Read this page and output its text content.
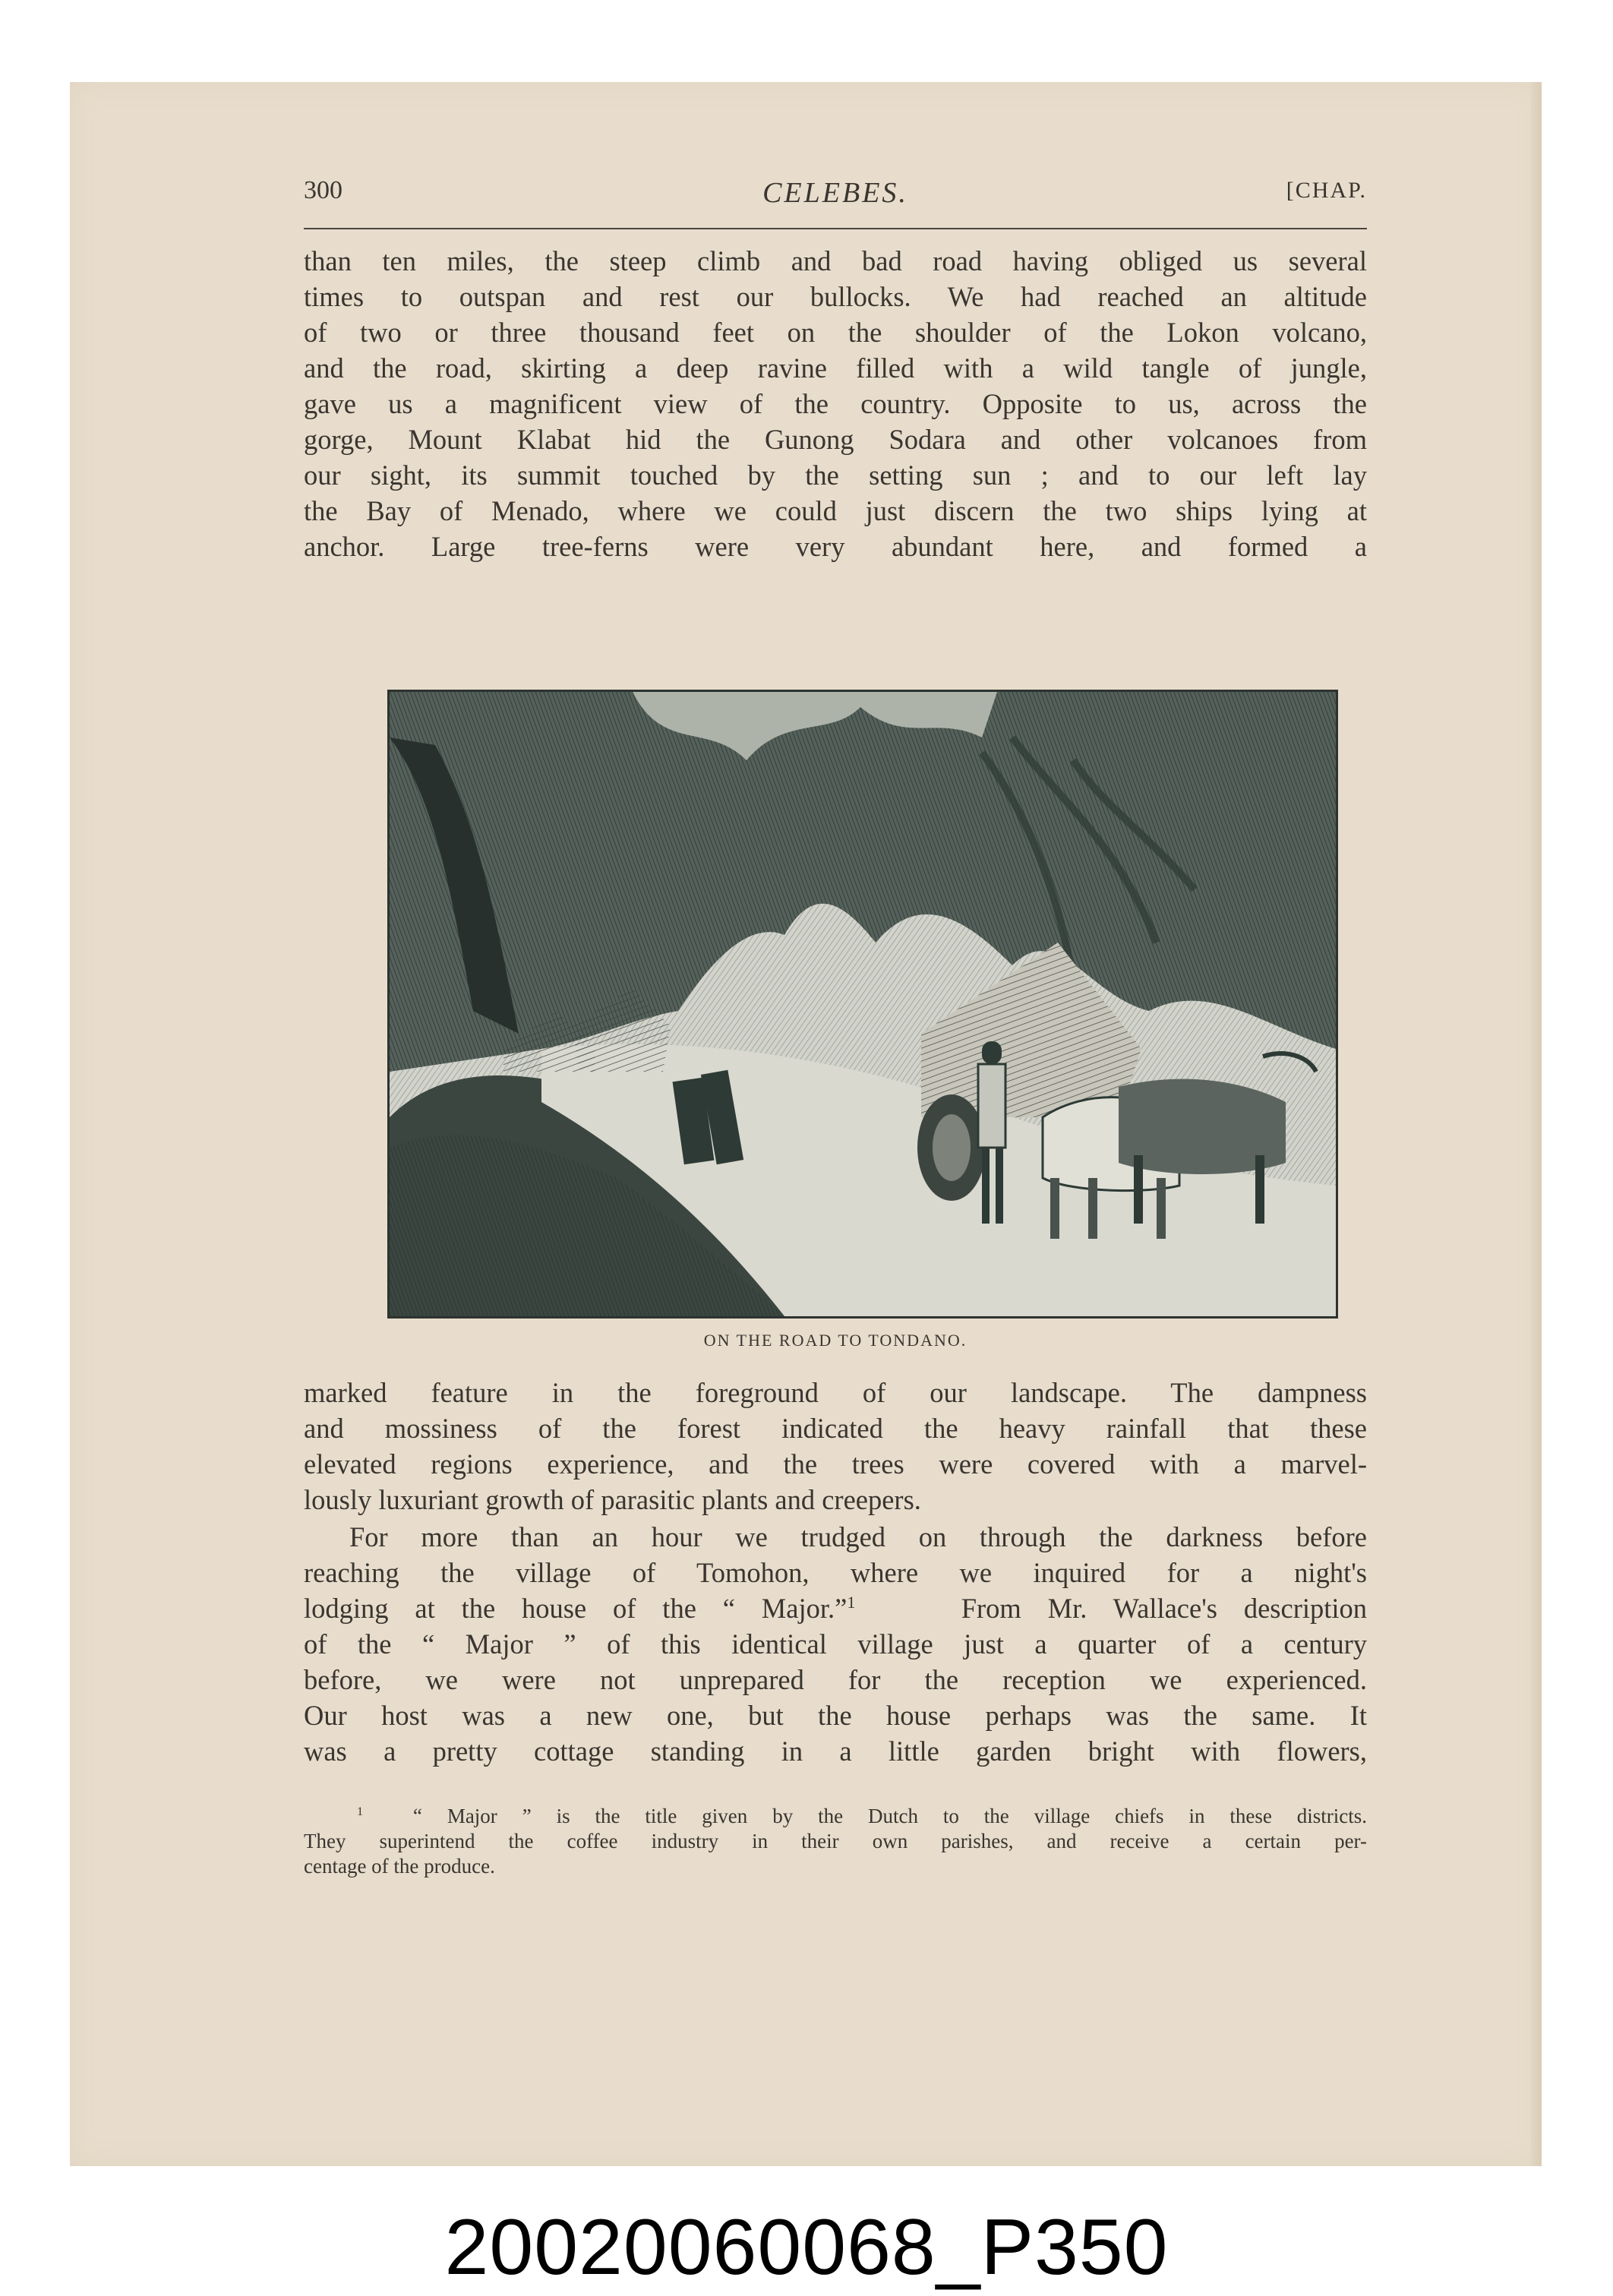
300	CELEBES.	[CHAP.
than ten miles, the steep climb and bad road having obliged us several
times to outspan and rest our bullocks. We had reached an altitude
of two or three thousand feet on the shoulder of the Lokon volcano,
and the road, skirting a deep ravine filled with a wild tangle of jungle,
gave us a magnificent view of the country. Opposite to us, across the
gorge, Mount Klabat hid the Gunong Sodara and other volcanoes from
our sight, its summit touched by the setting sun ; and to our left lay
the Bay of Menado, where we could just discern the two ships lying at
anchor. Large tree-ferns were very abundant here, and formed a
ON THE ROAD TO TONDANO.
marked feature in the foreground of our landscape. The dampness
and mossiness of the forest indicated the heavy rainfall that these
elevated regions experience, and the trees were covered with a marvel-
lously luxuriant growth of parasitic plants and creepers.
For more than an hour we trudged on through the darkness before
reaching the village of Tomohon, where we inquired for a night's
lodging at the house of the “ Major.”$^1$	From Mr. Wallace's description
of the “ Major ” of this identical village just a quarter of a century
before, we were not unprepared for the reception we experienced.
Our host was a new one, but the house perhaps was the same. It
was a pretty cottage standing in a little garden bright with flowers,
$^1$ “ Major ” is the title given by the Dutch to the village chiefs in these districts.
They superintend the coffee industry in their own parishes, and receive a certain per-
centage of the produce.
20020060068_P350
